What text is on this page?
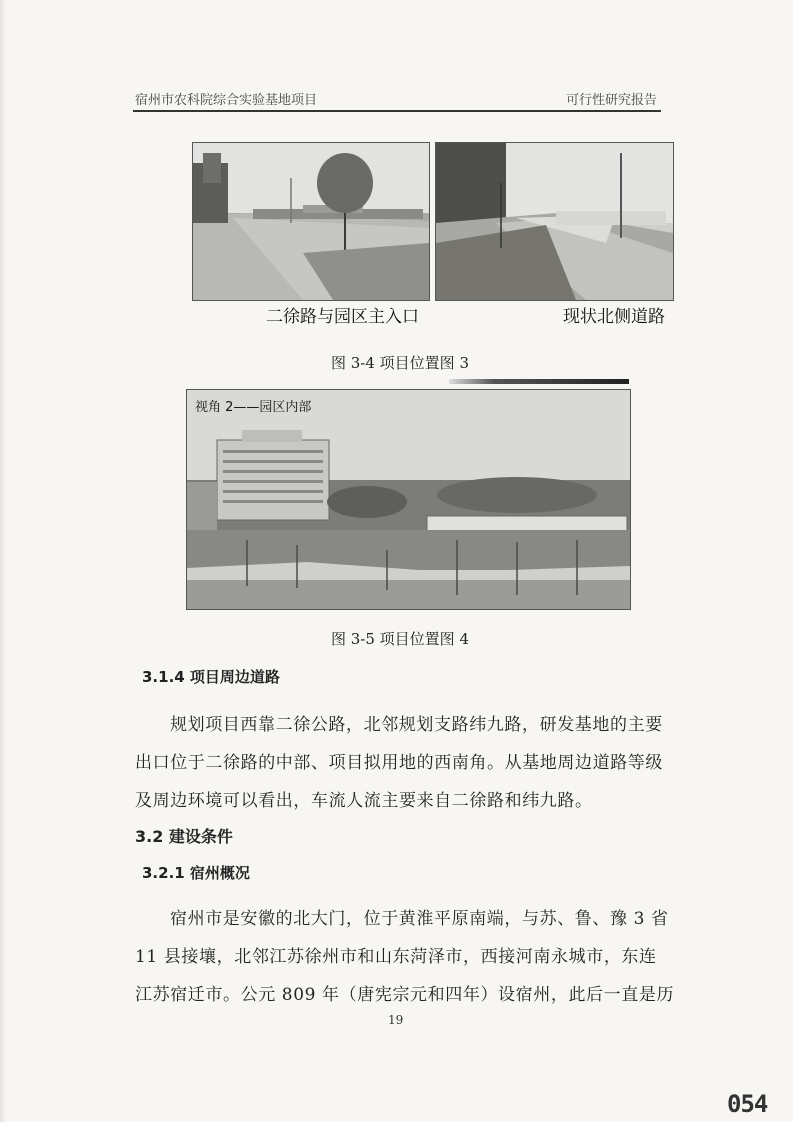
宿州市农科院综合实验基地项目	可行性研究报告
二徐路与园区主入口	现状北侧道路
图 3-4 项目位置图 3
视角 2——园区内部
图 3-5 项目位置图 4
3.1.4 项目周边道路
规划项目西靠二徐公路，北邻规划支路纬九路，研发基地的主要
出口位于二徐路的中部、项目拟用地的西南角。从基地周边道路等级
及周边环境可以看出，车流人流主要来自二徐路和纬九路。
3.2 建设条件
3.2.1 宿州概况
宿州市是安徽的北大门，位于黄淮平原南端，与苏、鲁、豫 3 省
11 县接壤，北邻江苏徐州市和山东菏泽市，西接河南永城市，东连
江苏宿迁市。公元 809 年（唐宪宗元和四年）设宿州，此后一直是历
19
054
